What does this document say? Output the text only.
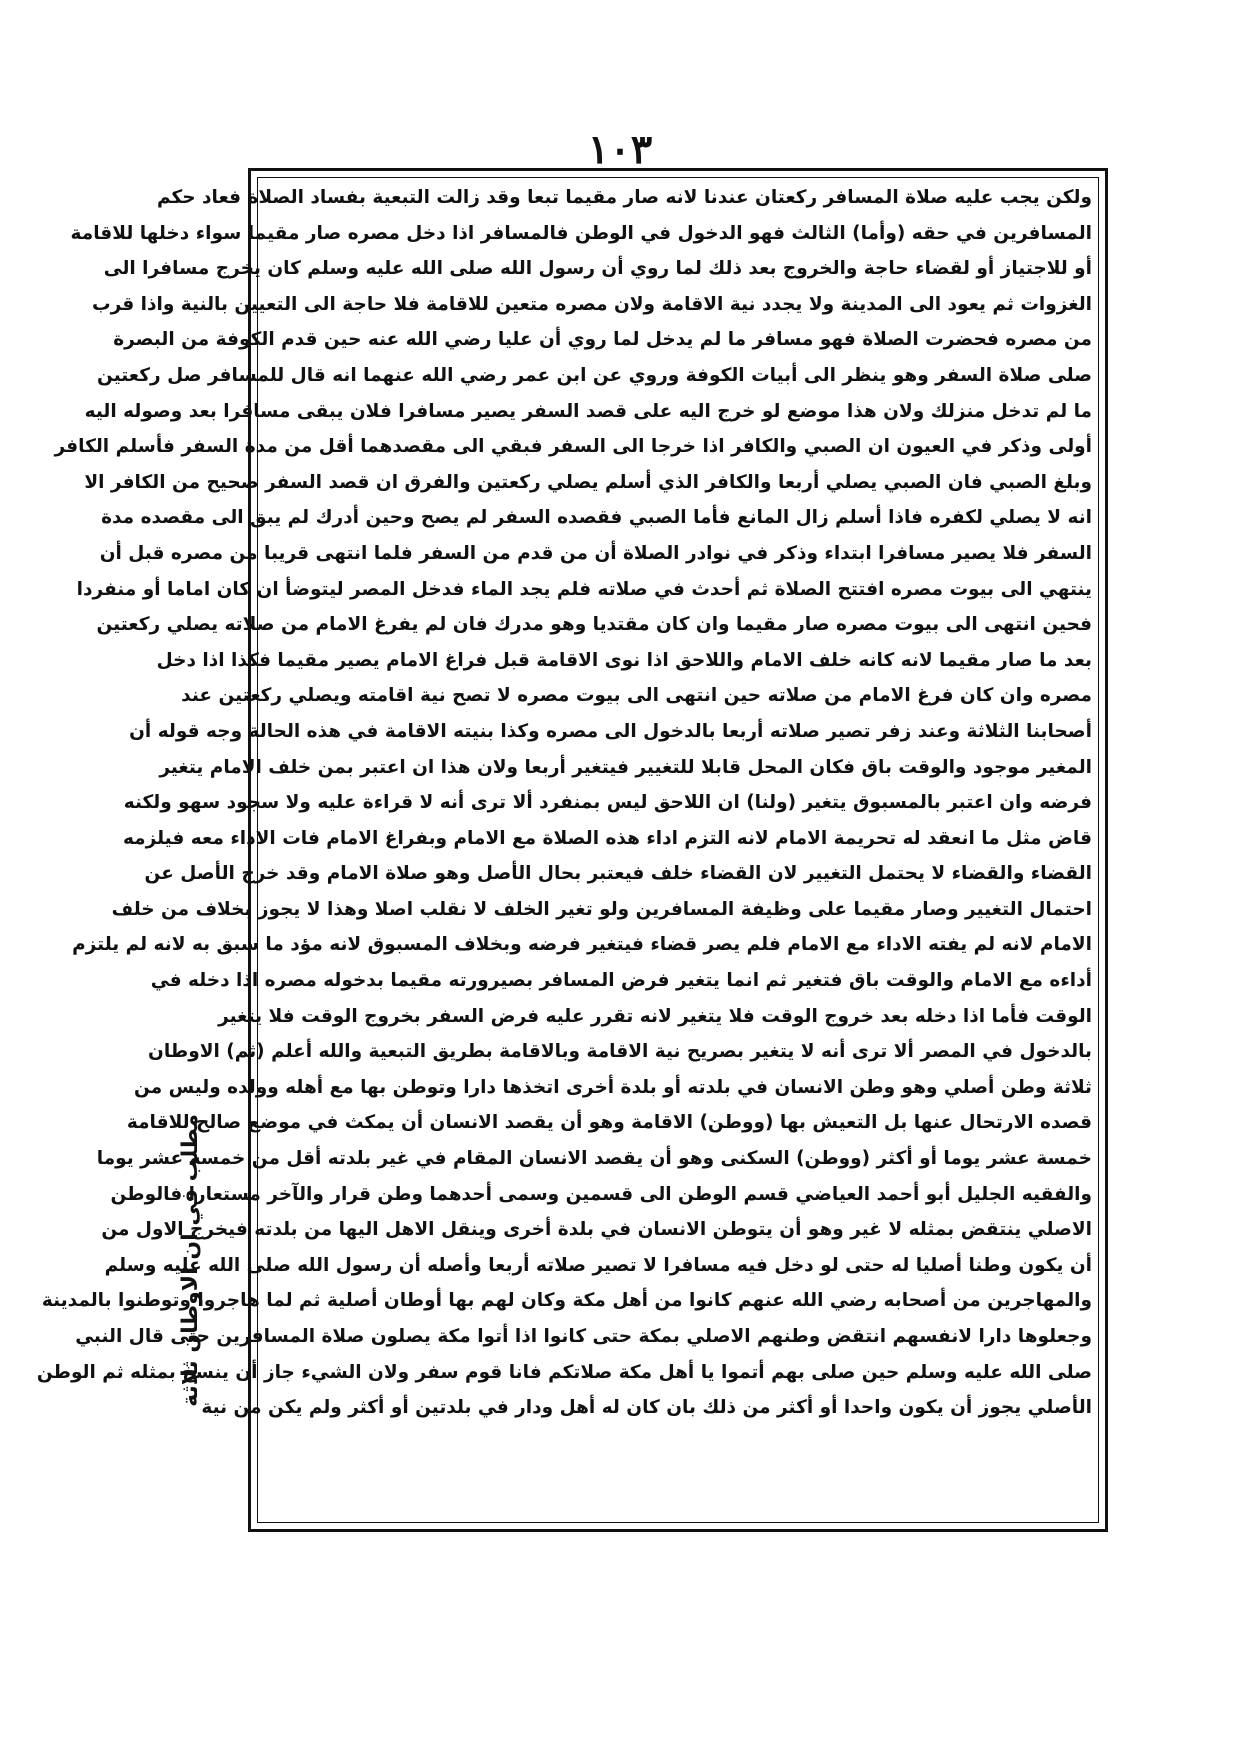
١٠٣
ولكن يجب عليه صلاة المسافر ركعتان عندنا لانه صار مقيما تبعا وقد زالت التبعية بفساد الصلاة فعاد حكم
المسافرين في حقه (وأما) الثالث فهو الدخول في الوطن فالمسافر اذا دخل مصره صار مقيما سواء دخلها للاقامة
أو للاجتياز أو لقضاء حاجة والخروج بعد ذلك لما روي أن رسول الله صلى الله عليه وسلم كان يخرج مسافرا الى
الغزوات ثم يعود الى المدينة ولا يجدد نية الاقامة ولان مصره متعين للاقامة فلا حاجة الى التعيين بالنية واذا قرب
من مصره فحضرت الصلاة فهو مسافر ما لم يدخل لما روي أن عليا رضي الله عنه حين قدم الكوفة من البصرة
صلى صلاة السفر وهو ينظر الى أبيات الكوفة وروي عن ابن عمر رضي الله عنهما انه قال للمسافر صل ركعتين
ما لم تدخل منزلك ولان هذا موضع لو خرج اليه على قصد السفر يصير مسافرا فلان يبقى مسافرا بعد وصوله اليه
أولى وذكر في العيون ان الصبي والكافر اذا خرجا الى السفر فبقي الى مقصدهما أقل من مدة السفر فأسلم الكافر
وبلغ الصبي فان الصبي يصلي أربعا والكافر الذي أسلم يصلي ركعتين والفرق ان قصد السفر صحيح من الكافر الا
انه لا يصلي لكفره فاذا أسلم زال المانع فأما الصبي فقصده السفر لم يصح وحين أدرك لم يبق الى مقصده مدة
السفر فلا يصير مسافرا ابتداء وذكر في نوادر الصلاة أن من قدم من السفر فلما انتهى قريبا من مصره قبل أن
ينتهي الى بيوت مصره افتتح الصلاة ثم أحدث في صلاته فلم يجد الماء فدخل المصر ليتوضأ ان كان اماما أو منفردا
فحين انتهى الى بيوت مصره صار مقيما وان كان مقتديا وهو مدرك فان لم يفرغ الامام من صلاته يصلي ركعتين
بعد ما صار مقيما لانه كانه خلف الامام واللاحق اذا نوى الاقامة قبل فراغ الامام يصير مقيما فكذا اذا دخل
مصره وان كان فرغ الامام من صلاته حين انتهى الى بيوت مصره لا تصح نية اقامته ويصلي ركعتين عند
أصحابنا الثلاثة وعند زفر تصير صلاته أربعا بالدخول الى مصره وكذا بنيته الاقامة في هذه الحالة وجه قوله أن
المغير موجود والوقت باق فكان المحل قابلا للتغيير فيتغير أربعا ولان هذا ان اعتبر بمن خلف الامام يتغير
فرضه وان اعتبر بالمسبوق يتغير (ولنا) ان اللاحق ليس بمنفرد ألا ترى أنه لا قراءة عليه ولا سجود سهو ولكنه
قاض مثل ما انعقد له تحريمة الامام لانه التزم اداء هذه الصلاة مع الامام وبفراغ الامام فات الاداء معه فيلزمه
القضاء والقضاء لا يحتمل التغيير لان القضاء خلف فيعتبر بحال الأصل وهو صلاة الامام وقد خرج الأصل عن
احتمال التغيير وصار مقيما على وظيفة المسافرين ولو تغير الخلف لا نقلب اصلا وهذا لا يجوز بخلاف من خلف
الامام لانه لم يفته الاداء مع الامام فلم يصر قضاء فيتغير فرضه وبخلاف المسبوق لانه مؤد ما سبق به لانه لم يلتزم
أداءه مع الامام والوقت باق فتغير ثم انما يتغير فرض المسافر بصيرورته مقيما بدخوله مصره اذا دخله في
الوقت فأما اذا دخله بعد خروج الوقت فلا يتغير لانه تقرر عليه فرض السفر بخروج الوقت فلا يتغير
بالدخول في المصر ألا ترى أنه لا يتغير بصريح نية الاقامة وبالاقامة بطريق التبعية والله أعلم (ثم) الاوطان
ثلاثة وطن أصلي وهو وطن الانسان في بلدته أو بلدة أخرى اتخذها دارا وتوطن بها مع أهله وولده وليس من
قصده الارتحال عنها بل التعيش بها (ووطن) الاقامة وهو أن يقصد الانسان أن يمكث في موضع صالح للاقامة
خمسة عشر يوما أو أكثر (ووطن) السكنى وهو أن يقصد الانسان المقام في غير بلدته أقل من خمسة عشر يوما
والفقيه الجليل أبو أحمد العياضي قسم الوطن الى قسمين وسمى أحدهما وطن قرار والآخر مستعارا فالوطن
الاصلي ينتقض بمثله لا غير وهو أن يتوطن الانسان في بلدة أخرى وينقل الاهل اليها من بلدته فيخرج الاول من
أن يكون وطنا أصليا له حتى لو دخل فيه مسافرا لا تصير صلاته أربعا وأصله أن رسول الله صلى الله عليه وسلم
والمهاجرين من أصحابه رضي الله عنهم كانوا من أهل مكة وكان لهم بها أوطان أصلية ثم لما هاجروا وتوطنوا بالمدينة
وجعلوها دارا لانفسهم انتقض وطنهم الاصلي بمكة حتى كانوا اذا أتوا مكة يصلون صلاة المسافرين حتى قال النبي
صلى الله عليه وسلم حين صلى بهم أتموا يا أهل مكة صلاتكم فانا قوم سفر ولان الشيء جاز أن ينسخ بمثله ثم الوطن
الأصلي يجوز أن يكون واحدا أو أكثر من ذلك بان كان له أهل ودار في بلدتين أو أكثر ولم يكن من نية
مطلب في ان الاوطان ثلاثة
